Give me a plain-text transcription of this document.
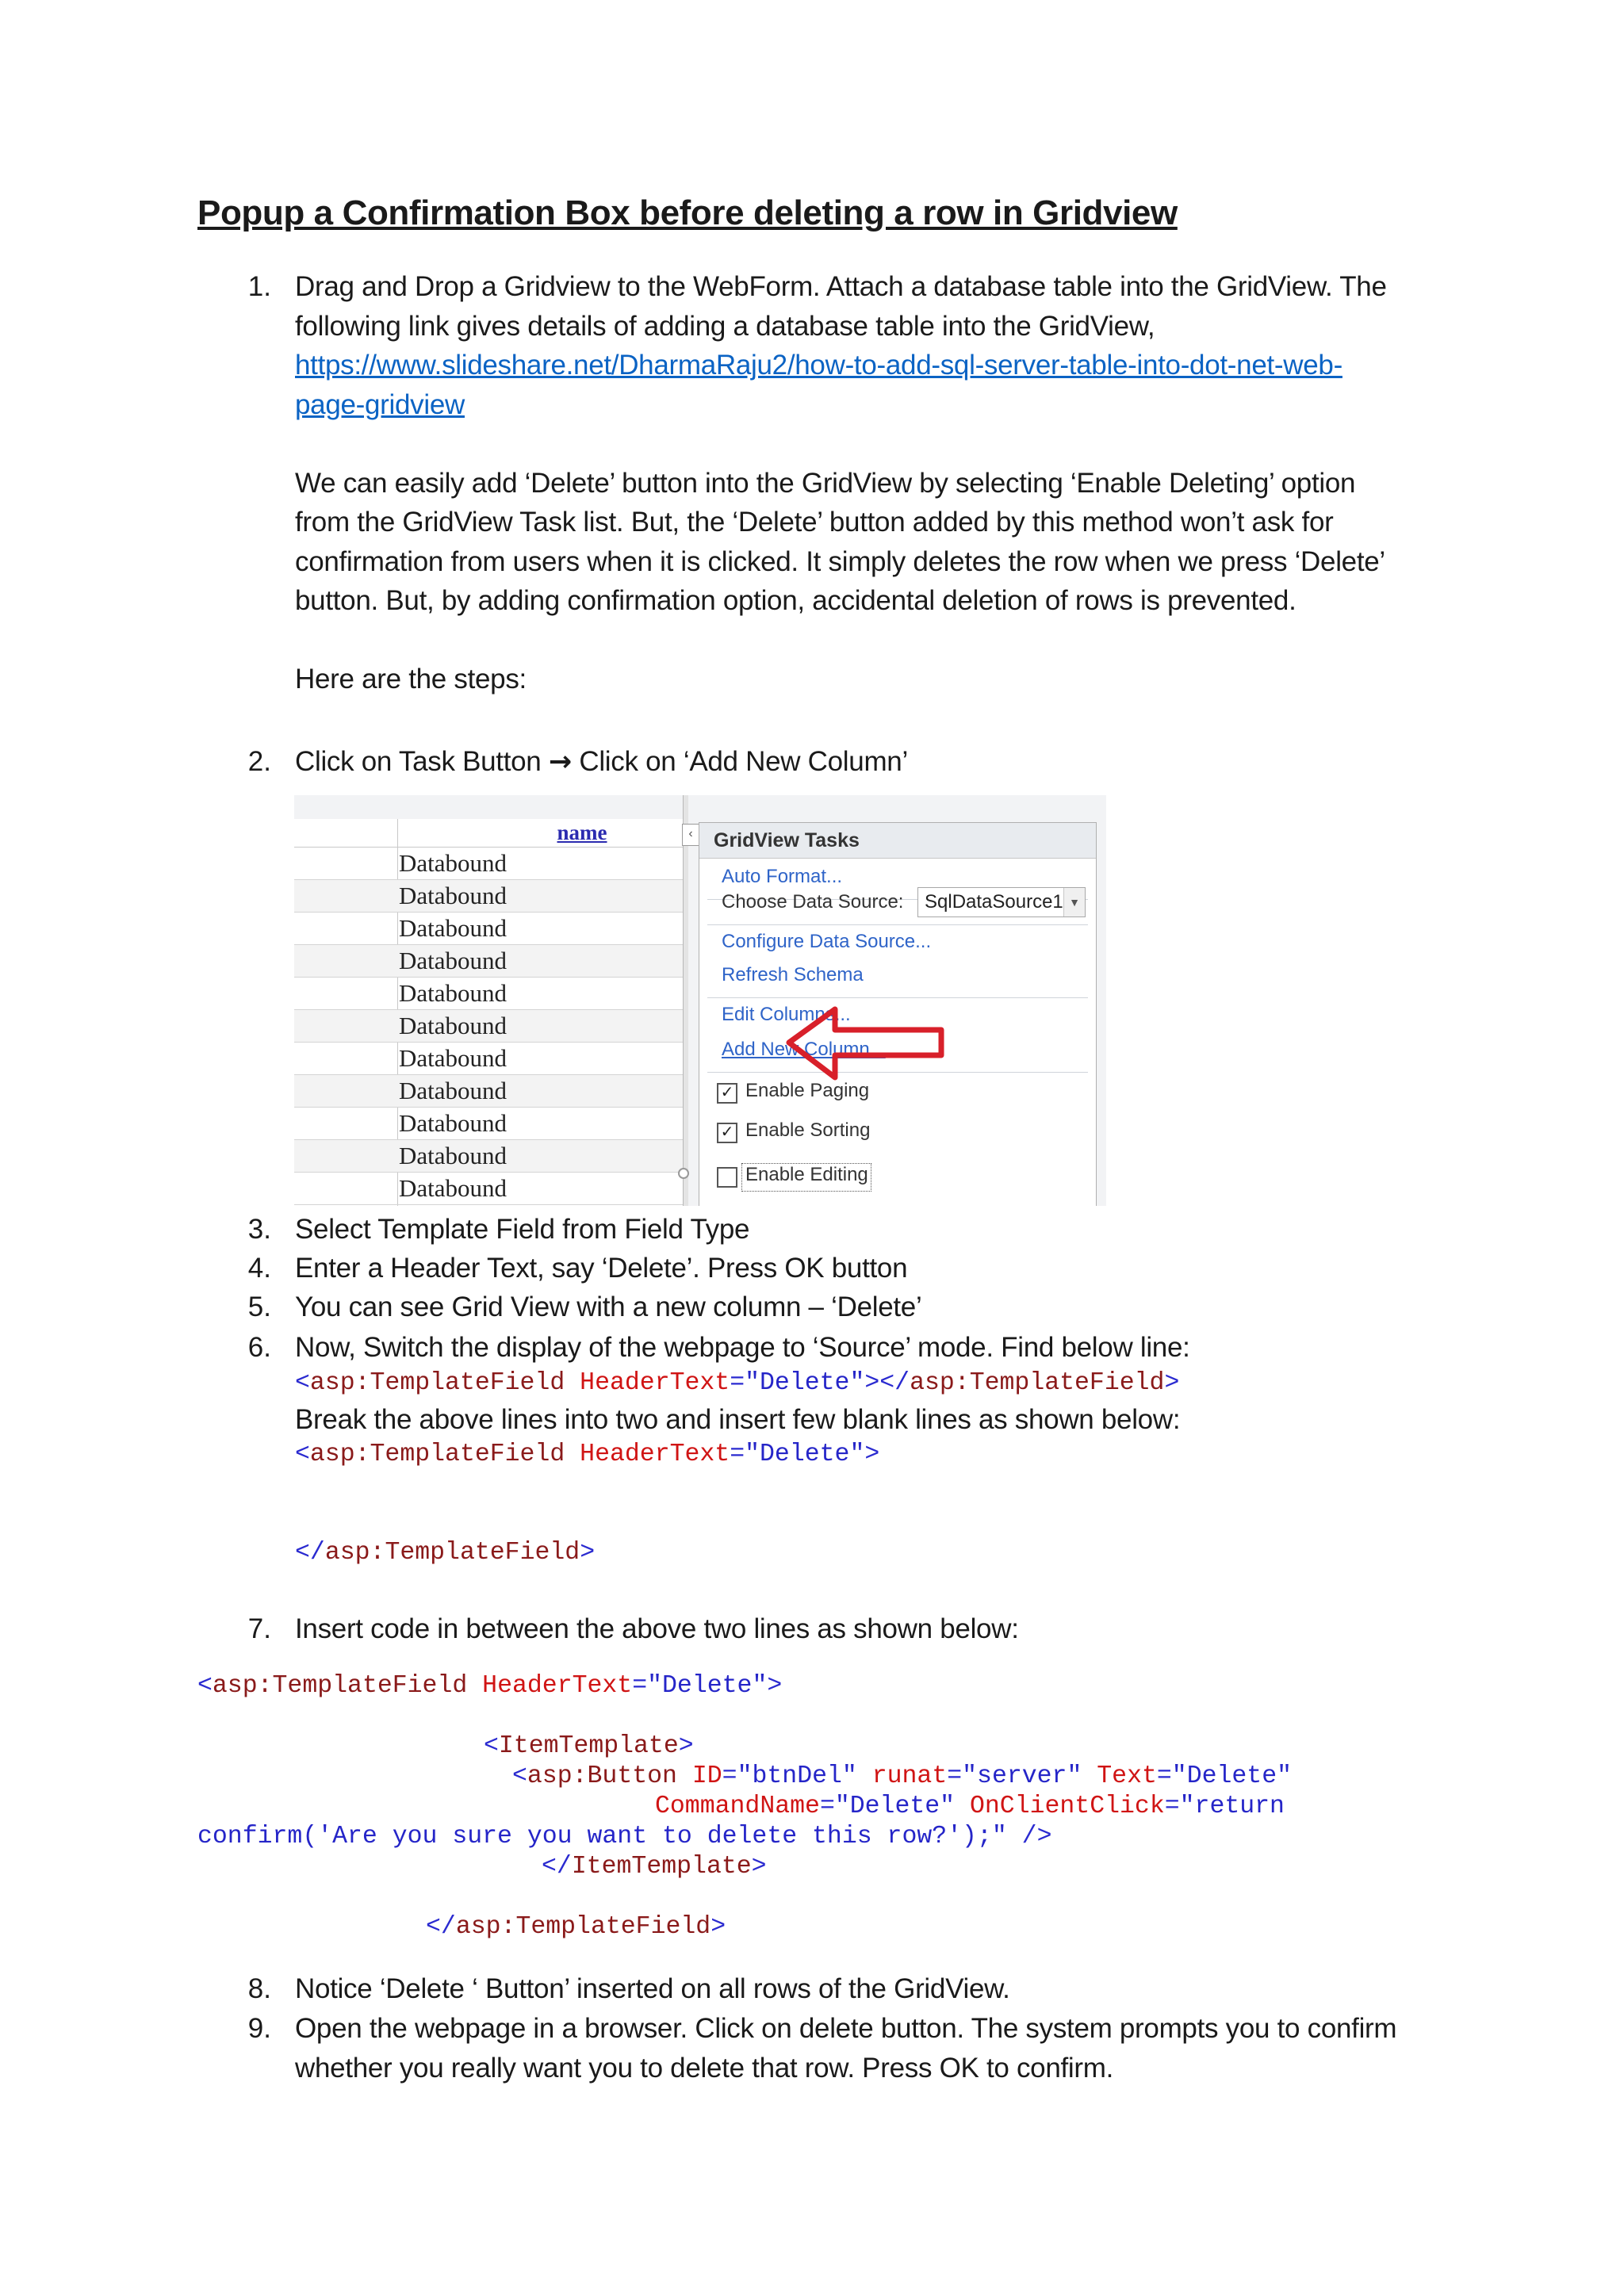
Popup a Confirmation Box before deleting a row in Gridview
1. Drag and Drop a Gridview to the WebForm. Attach a database table into the GridView. The
following link gives details of adding a database table into the GridView,
https://www.slideshare.net/DharmaRaju2/how-to-add-sql-server-table-into-dot-net-web-
page-gridview
We can easily add ‘Delete’ button into the GridView by selecting ‘Enable Deleting’ option
from the GridView Task list. But, the ‘Delete’ button added by this method won’t ask for
confirmation from users when it is clicked. It simply deletes the row when we press ‘Delete’
button. But, by adding confirmation option, accidental deletion of rows is prevented.
Here are the steps:
2. Click on Task Button → Click on ‘Add New Column’
name
Databound
Databound
Databound
Databound
Databound
Databound
Databound
Databound
Databound
Databound
Databound
‹	GridView Tasks
Auto Format...
Choose Data Source: SqlDataSource1 ▼
Configure Data Source...
Refresh Schema
Edit Columns...
Add New Column...
✓ Enable Paging
✓ Enable Sorting
Enable Editing
3. Select Template Field from Field Type
4. Enter a Header Text, say ‘Delete’. Press OK button
5. You can see Grid View with a new column – ‘Delete’
6. Now, Switch the display of the webpage to ‘Source’ mode. Find below line:
<asp:TemplateField HeaderText="Delete"></asp:TemplateField>
Break the above lines into two and insert few blank lines as shown below:
<asp:TemplateField HeaderText="Delete">
</asp:TemplateField>
7. Insert code in between the above two lines as shown below:
<asp:TemplateField HeaderText="Delete">
<ItemTemplate>
<asp:Button ID="btnDel" runat="server" Text="Delete"
CommandName="Delete" OnClientClick="return
confirm('Are you sure you want to delete this row?');" />
</ItemTemplate>
</asp:TemplateField>
8. Notice ‘Delete ‘ Button’ inserted on all rows of the GridView.
9. Open the webpage in a browser. Click on delete button. The system prompts you to confirm
whether you really want you to delete that row. Press OK to confirm.
